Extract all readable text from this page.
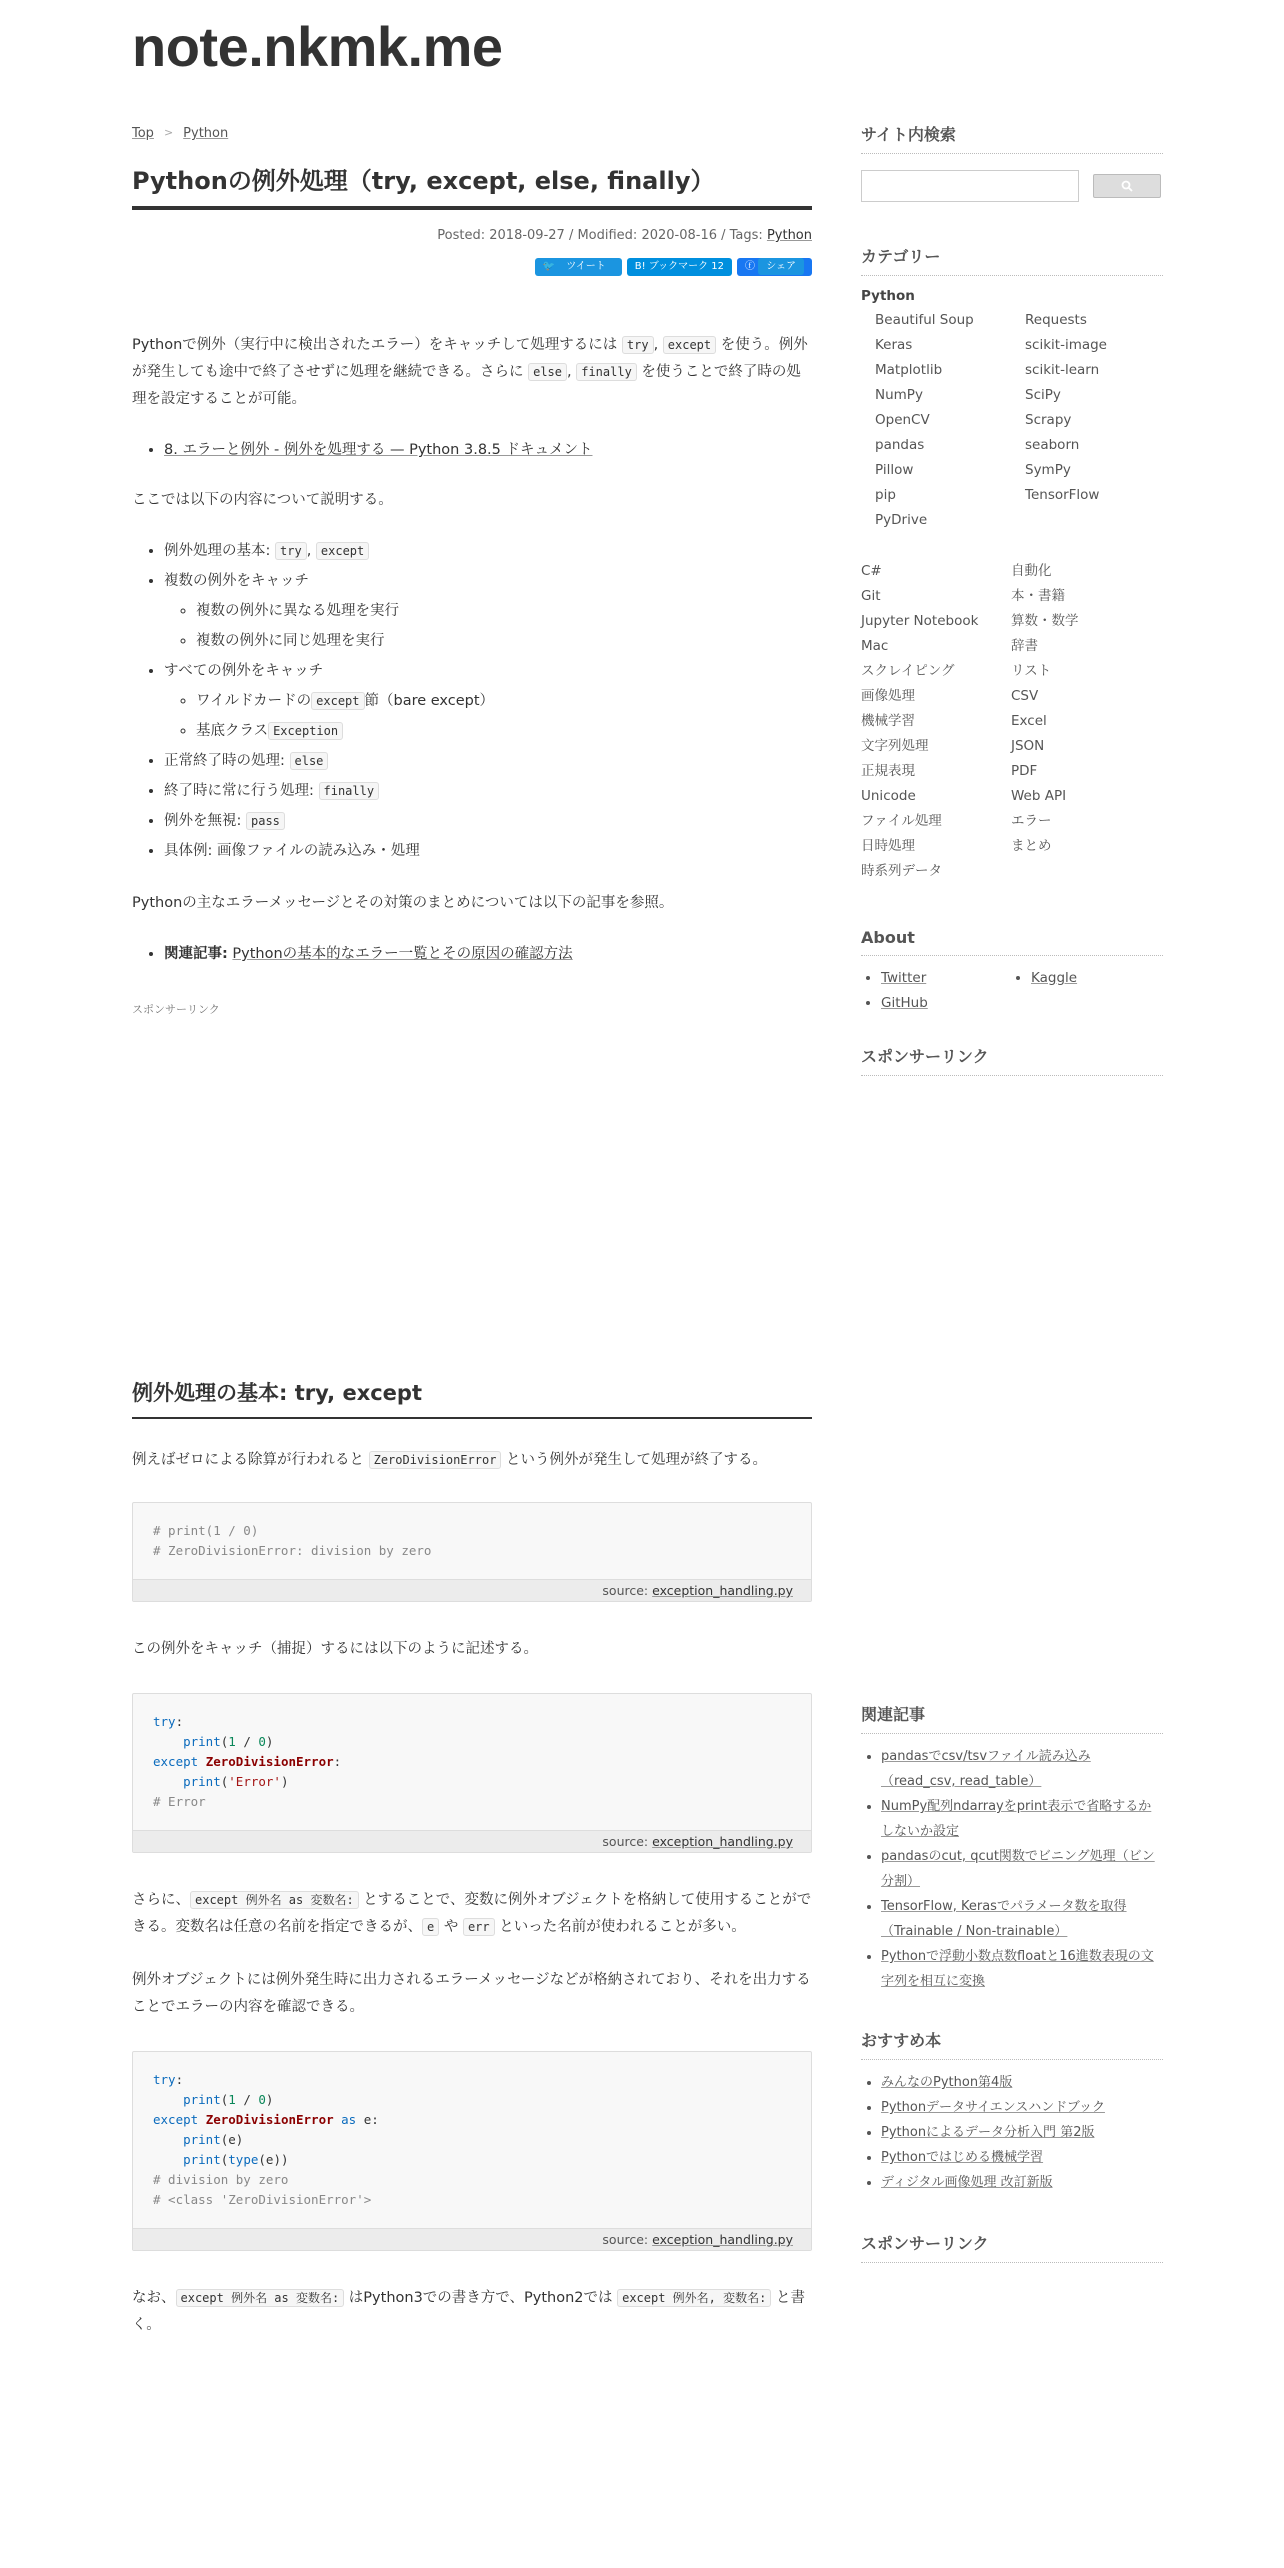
note.nkmk.me
Top > Python
Pythonの例外処理（try, except, else, finally）
Posted: 2018-09-27 / Modified: 2020-08-16 / Tags: Python
🐦 ツイート	B! ブックマーク 12	ⓕ シェア

Pythonで例外（実行中に検出されたエラー）をキャッチして処理するには try , except を使う。例外が発生しても途中で終了させずに処理を継続できる。さらに else , finally を使うことで終了時の処理を設定することが可能。

• 8. エラーと例外 - 例外を処理する — Python 3.8.5 ドキュメント

ここでは以下の内容について説明する。

• 例外処理の基本: try , except
• 複数の例外をキャッチ
◦ 複数の例外に異なる処理を実行
◦ 複数の例外に同じ処理を実行
• すべての例外をキャッチ
◦ ワイルドカードの except 節（bare except）
◦ 基底クラス Exception
• 正常終了時の処理: else
• 終了時に常に行う処理: finally
• 例外を無視: pass
• 具体例: 画像ファイルの読み込み・処理

Pythonの主なエラーメッセージとその対策のまとめについては以下の記事を参照。

• 関連記事: Pythonの基本的なエラー一覧とその原因の確認方法
スポンサーリンク
例外処理の基本: try, except

例えばゼロによる除算が行われると ZeroDivisionError という例外が発生して処理が終了する。

# print(1 / 0)
# ZeroDivisionError: division by zero
source: exception_handling.py

この例外をキャッチ（捕捉）するには以下のように記述する。

try:
print(1 / 0)
except ZeroDivisionError:
print('Error')
# Error
source: exception_handling.py

さらに、 except 例外名 as 変数名: とすることで、変数に例外オブジェクトを格納して使用することができる。変数名は任意の名前を指定できるが、 e や err といった名前が使われることが多い。

例外オブジェクトには例外発生時に出力されるエラーメッセージなどが格納されており、それを出力することでエラーの内容を確認できる。

try:
print(1 / 0)
except ZeroDivisionError as e:
print(e)
print(type(e))
# division by zero
# <class 'ZeroDivisionError'>
source: exception_handling.py

なお、 except 例外名 as 変数名: はPython3での書き方で、Python2では except 例外名, 変数名: と書く。

サイト内検索
カテゴリー
Python
Beautiful Soup
Keras
Matplotlib
NumPy
OpenCV
pandas
Pillow
pip
PyDrive
Requests
scikit-image
scikit-learn
SciPy
Scrapy
seaborn
SymPy
TensorFlow
C#
Git
Jupyter Notebook
Mac
スクレイピング
画像処理
機械学習
文字列処理
正規表現
Unicode
ファイル処理
日時処理
時系列データ
自動化
本・書籍
算数・数学
辞書
リスト
CSV
Excel
JSON
PDF
Web API
エラー
まとめ
About
• Twitter
• GitHub
• Kaggle
スポンサーリンク
関連記事
• pandasでcsv/tsvファイル読み込み（read_csv, read_table）
• NumPy配列ndarrayをprint表示で省略するかしないか設定
• pandasのcut, qcut関数でビニング処理（ビン分割）
• TensorFlow, Kerasでパラメータ数を取得（Trainable / Non-trainable）
• Pythonで浮動小数点数floatと16進数表現の文字列を相互に変換
おすすめ本
• みんなのPython第4版
• Pythonデータサイエンスハンドブック
• Pythonによるデータ分析入門 第2版
• Pythonではじめる機械学習
• ディジタル画像処理 改訂新版
スポンサーリンク
